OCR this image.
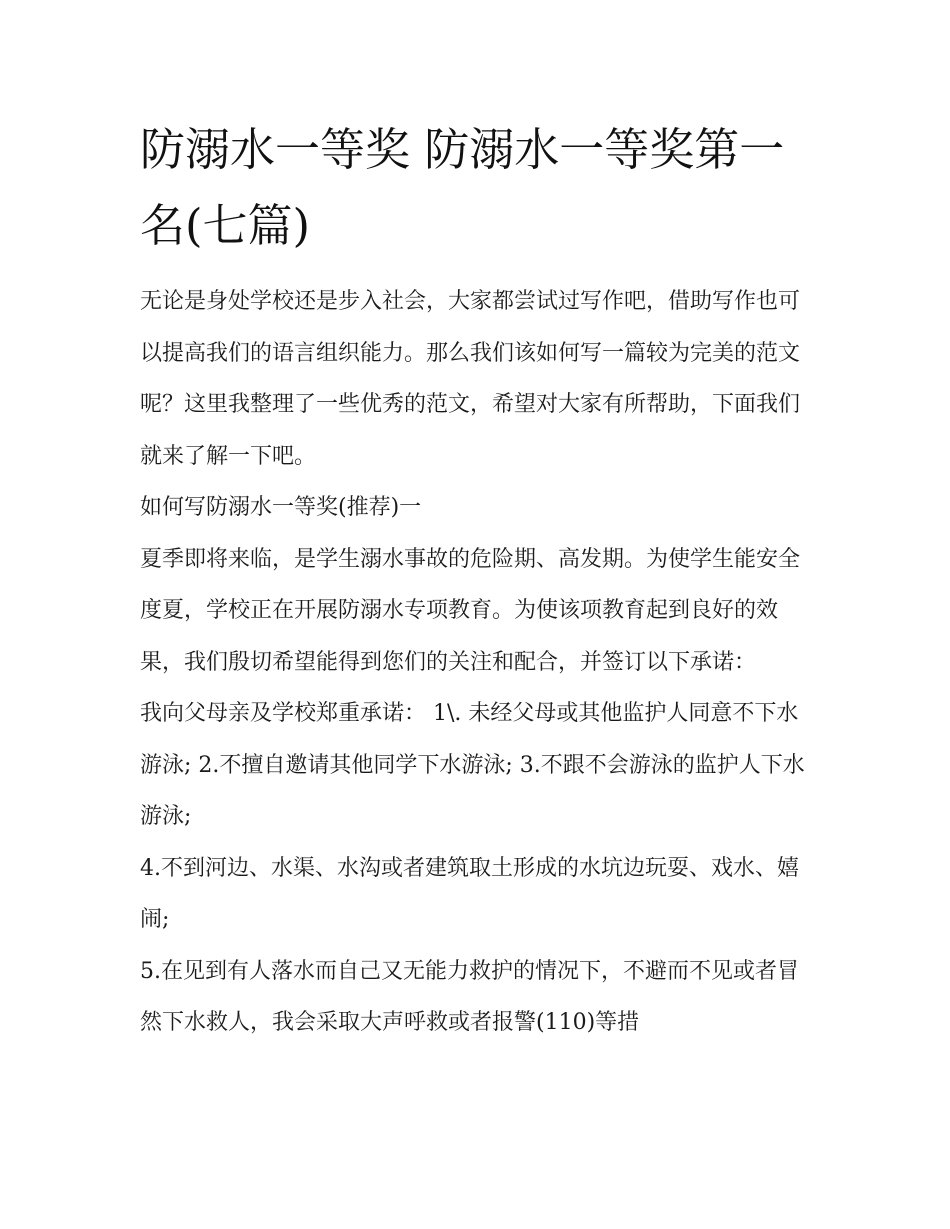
防溺水一等奖 防溺水一等奖第一名(七篇)

无论是身处学校还是步入社会，大家都尝试过写作吧，借助写作也可以提高我们的语言组织能力。那么我们该如何写一篇较为完美的范文呢？这里我整理了一些优秀的范文，希望对大家有所帮助，下面我们就来了解一下吧。

如何写防溺水一等奖(推荐)一

夏季即将来临，是学生溺水事故的危险期、高发期。为使学生能安全度夏，学校正在开展防溺水专项教育。为使该项教育起到良好的效果，我们殷切希望能得到您们的关注和配合，并签订以下承诺：

我向父母亲及学校郑重承诺： 1\. 未经父母或其他监护人同意不下水游泳; 2.不擅自邀请其他同学下水游泳; 3.不跟不会游泳的监护人下水游泳;

4.不到河边、水渠、水沟或者建筑取土形成的水坑边玩耍、戏水、嬉闹;

5.在见到有人落水而自己又无能力救护的情况下，不避而不见或者冒然下水救人，我会采取大声呼救或者报警(110)等措
